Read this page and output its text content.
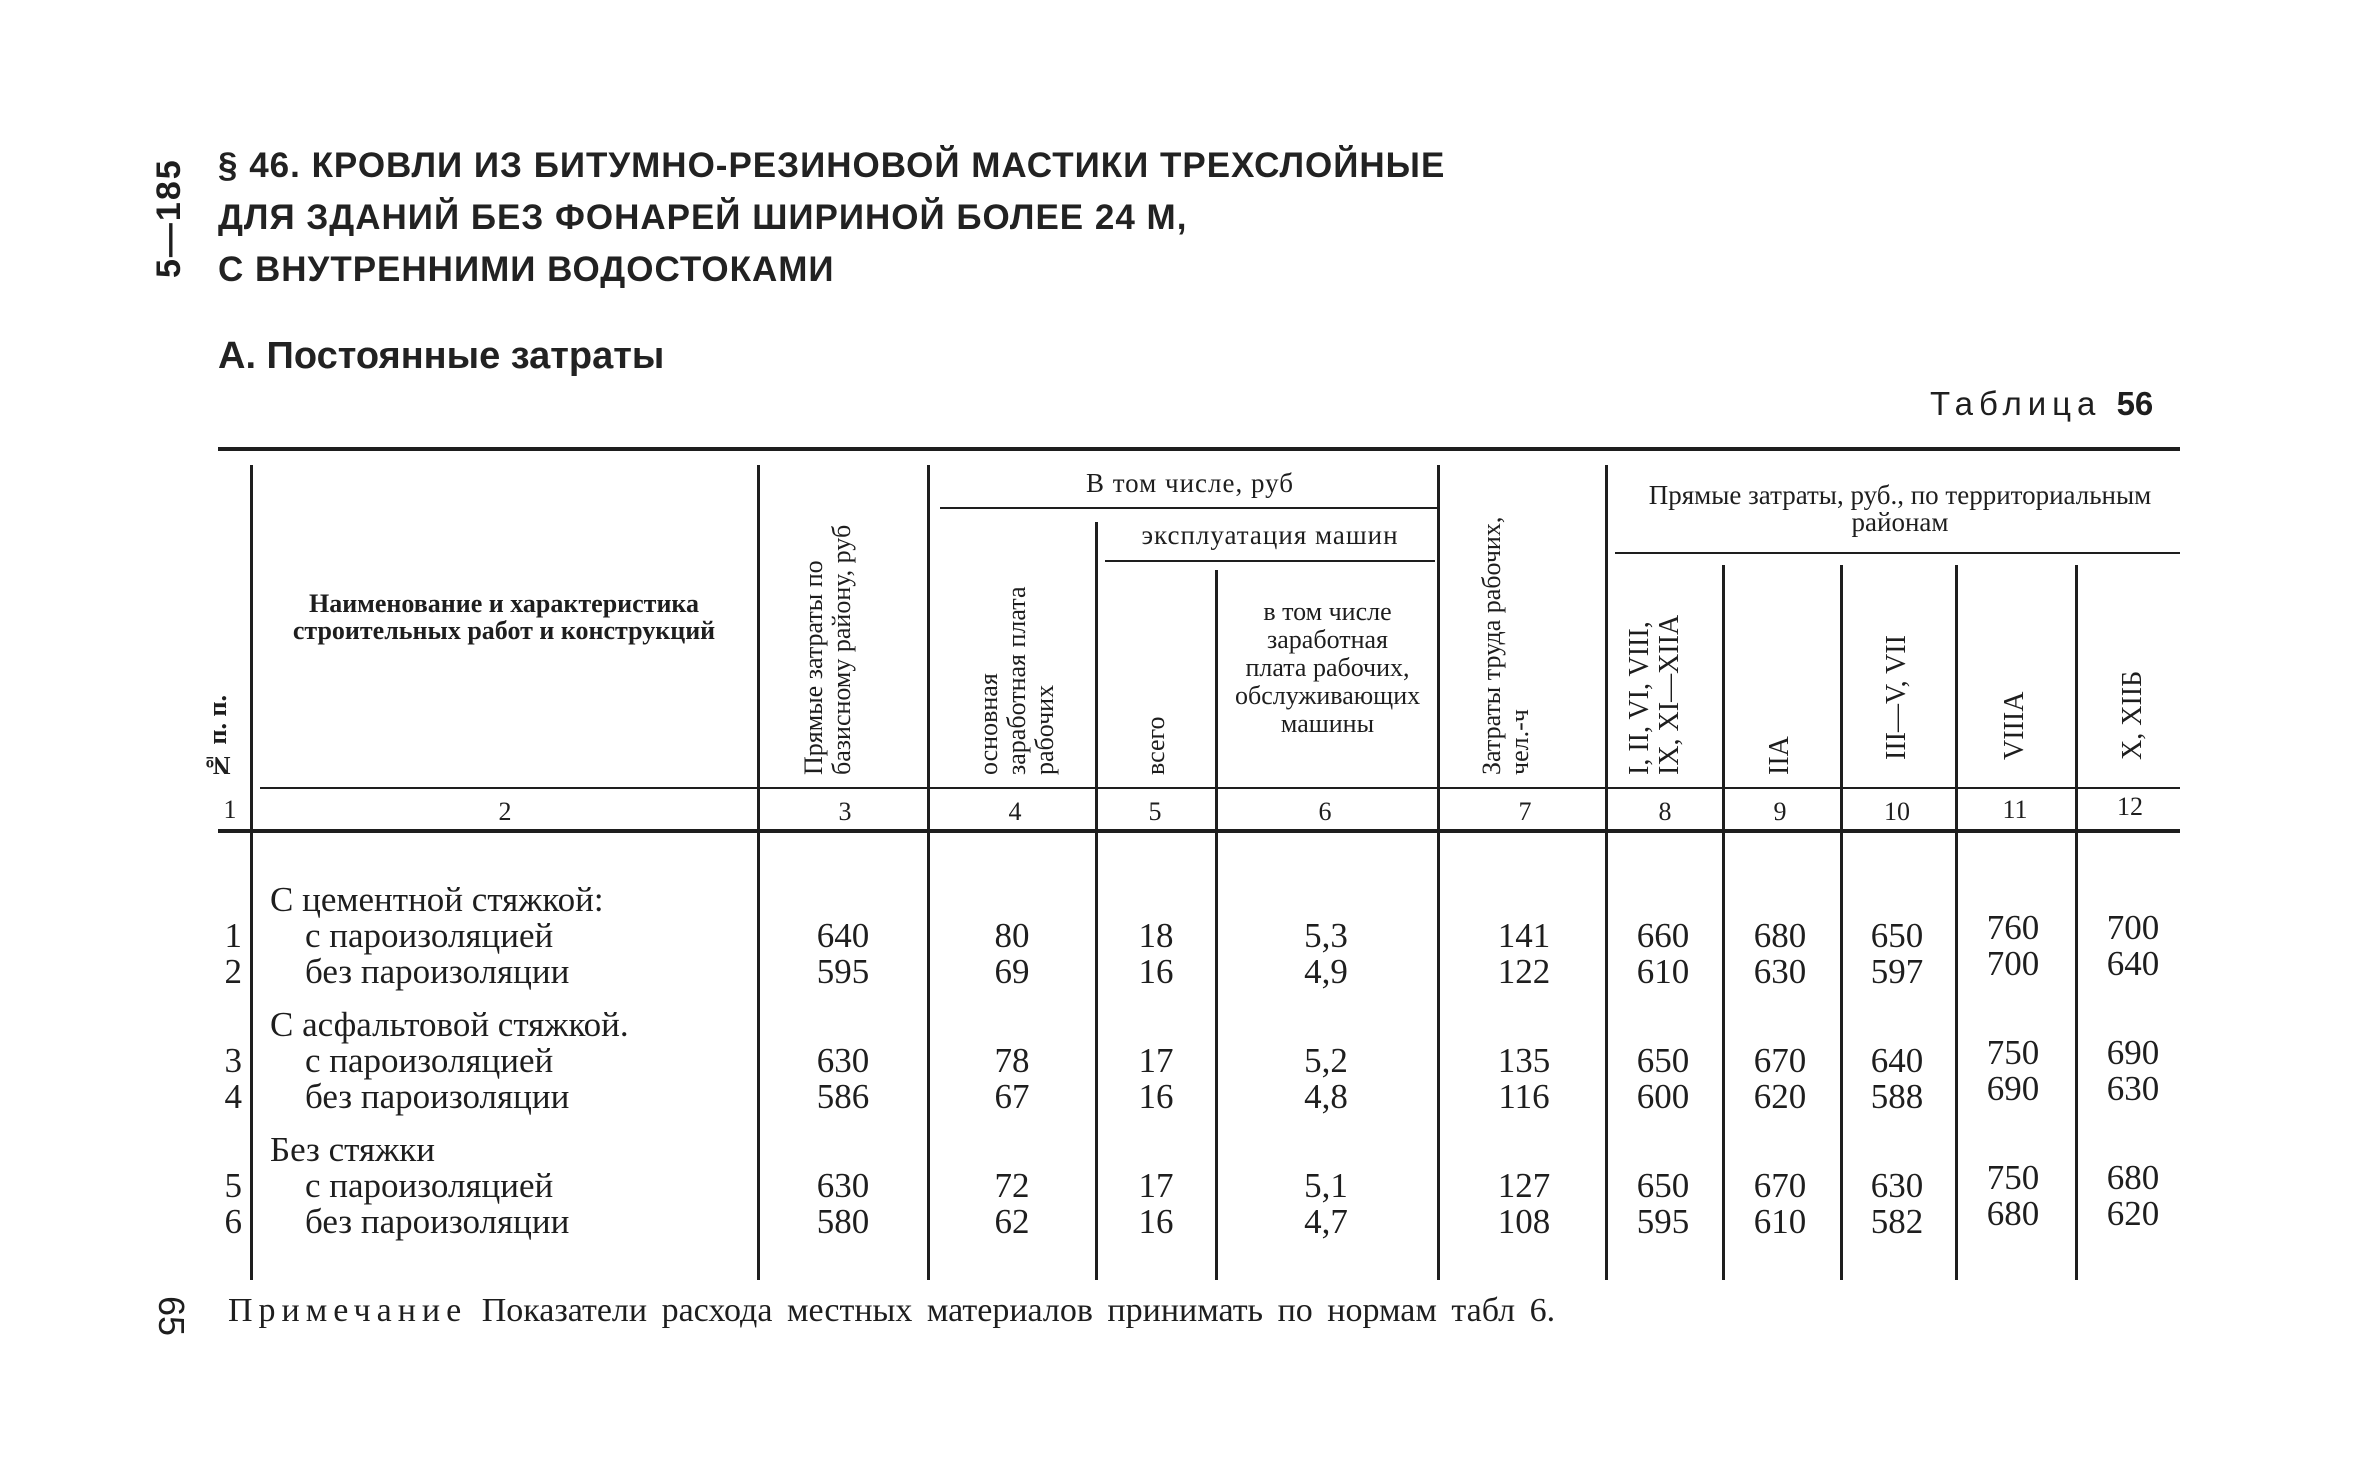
5—185
65
§ 46. КРОВЛИ ИЗ БИТУМНО-РЕЗИНОВОЙ МАСТИКИ ТРЕХСЛОЙНЫЕ
ДЛЯ ЗДАНИЙ БЕЗ ФОНАРЕЙ ШИРИНОЙ БОЛЕЕ 24 М,
С ВНУТРЕННИМИ ВОДОСТОКАМИ
А. Постоянные затраты
Таблица 56
№ п. п.
Наименование и характеристика строительных работ и конструкций	Прямые затраты по базисному району, руб
В том числе, руб
основная заработная плата рабочих
эксплуатация машин
всего
в том числе заработная плата рабочих, обслуживающих машины	Затраты труда рабочих, чел.-ч
Прямые затраты, руб., по территориальным районам
I, II, VI, VIII, IX, XI—XIIA	IIA	III—V, VII	VIIIA	X, XIIБ
1	2	3	4	5	6	7	8	9	10	11	12
С цементной стяжкой:
1 с пароизоляцией	640	80	18	5,3	141	660	680	650	760	700
2 без пароизоляции	595	69	16	4,9	122	610	630	597	700	640
С асфальтовой стяжкой.
3 с пароизоляцией	630	78	17	5,2	135	650	670	640	750	690
4 без пароизоляции	586	67	16	4,8	116	600	620	588	690	630
Без стяжки
5 с пароизоляцией	630	72	17	5,1	127	650	670	630	750	680
6 без пароизоляции	580	62	16	4,7	108	595	610	582	680	620
Примечание Показатели расхода местных материалов принимать по нормам табл 6.
